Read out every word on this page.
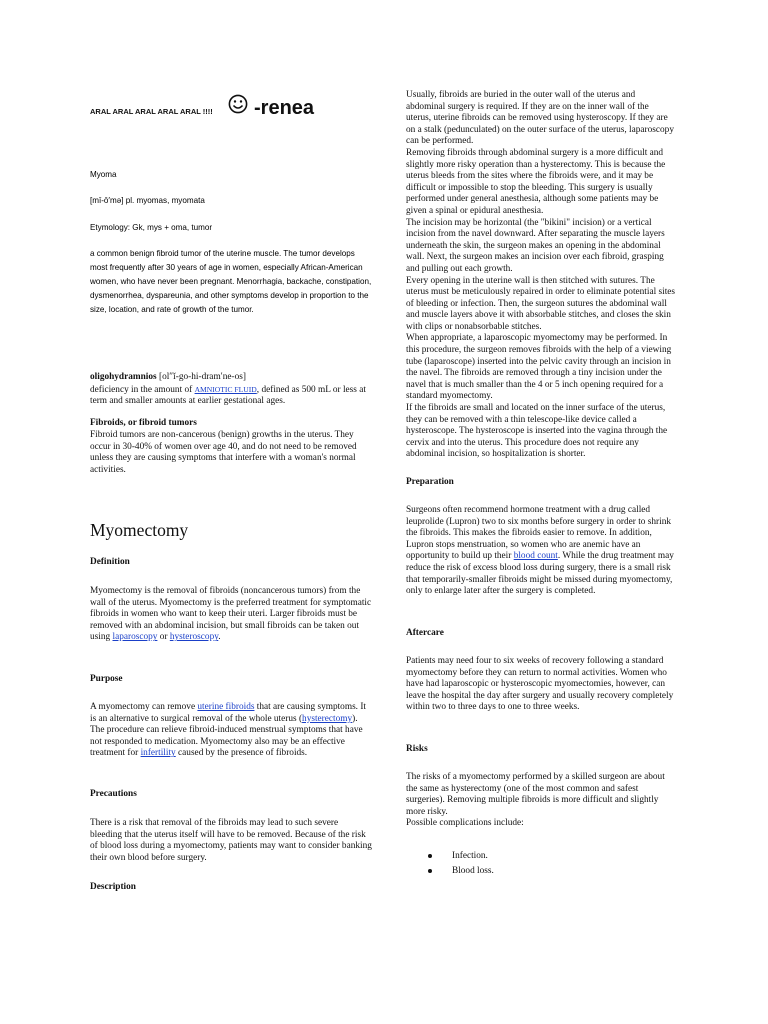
ARAL ARAL ARAL ARAL ARAL !!!! -renea
Myoma
[mī-ō′mə] pl. myomas, myomata
Etymology: Gk, mys + oma, tumor
a common benign fibroid tumor of the uterine muscle. The tumor develops most frequently after 30 years of age in women, especially African-American women, who have never been pregnant. Menorrhagia, backache, constipation, dysmenorrhea, dyspareunia, and other symptoms develop in proportion to the size, location, and rate of growth of the tumor.

oligohydramnios [ol″ĭ-go-hi-dram′ne-os]
deficiency in the amount of AMNIOTIC FLUID, defined as 500 mL or less at term and smaller amounts at earlier gestational ages.

Fibroids, or fibroid tumors
Fibroid tumors are non-cancerous (benign) growths in the uterus. They occur in 30-40% of women over age 40, and do not need to be removed unless they are causing symptoms that interfere with a woman's normal activities.
Myomectomy
Definition

Myomectomy is the removal of fibroids (noncancerous tumors) from the wall of the uterus. Myomectomy is the preferred treatment for symptomatic fibroids in women who want to keep their uteri. Larger fibroids must be removed with an abdominal incision, but small fibroids can be taken out using laparoscopy or hysteroscopy.

Purpose

A myomectomy can remove uterine fibroids that are causing symptoms. It is an alternative to surgical removal of the whole uterus (hysterectomy). The procedure can relieve fibroid-induced menstrual symptoms that have not responded to medication. Myomectomy also may be an effective treatment for infertility caused by the presence of fibroids.

Precautions
There is a risk that removal of the fibroids may lead to such severe bleeding that the uterus itself will have to be removed. Because of the risk of blood loss during a myomectomy, patients may want to consider banking their own blood before surgery.
Description
Usually, fibroids are buried in the outer wall of the uterus and abdominal surgery is required. If they are on the inner wall of the uterus, uterine fibroids can be removed using hysteroscopy. If they are on a stalk (pedunculated) on the outer surface of the uterus, laparoscopy can be performed.
Removing fibroids through abdominal surgery is a more difficult and slightly more risky operation than a hysterectomy. This is because the uterus bleeds from the sites where the fibroids were, and it may be difficult or impossible to stop the bleeding. This surgery is usually performed under general anesthesia, although some patients may be given a spinal or epidural anesthesia.
The incision may be horizontal (the "bikini" incision) or a vertical incision from the navel downward. After separating the muscle layers underneath the skin, the surgeon makes an opening in the abdominal wall. Next, the surgeon makes an incision over each fibroid, grasping and pulling out each growth.
Every opening in the uterine wall is then stitched with sutures. The uterus must be meticulously repaired in order to eliminate potential sites of bleeding or infection. Then, the surgeon sutures the abdominal wall and muscle layers above it with absorbable stitches, and closes the skin with clips or nonabsorbable stitches.
When appropriate, a laparoscopic myomectomy may be performed. In this procedure, the surgeon removes fibroids with the help of a viewing tube (laparoscope) inserted into the pelvic cavity through an incision in the navel. The fibroids are removed through a tiny incision under the navel that is much smaller than the 4 or 5 inch opening required for a standard myomectomy.
If the fibroids are small and located on the inner surface of the uterus, they can be removed with a thin telescope-like device called a hysteroscope. The hysteroscope is inserted into the vagina through the cervix and into the uterus. This procedure does not require any abdominal incision, so hospitalization is shorter.
Preparation

Surgeons often recommend hormone treatment with a drug called leuprolide (Lupron) two to six months before surgery in order to shrink the fibroids. This makes the fibroids easier to remove. In addition, Lupron stops menstruation, so women who are anemic have an opportunity to build up their blood count. While the drug treatment may reduce the risk of excess blood loss during surgery, there is a small risk that temporarily-smaller fibroids might be missed during myomectomy, only to enlarge later after the surgery is completed.

Aftercare
Patients may need four to six weeks of recovery following a standard myomectomy before they can return to normal activities. Women who have had laparoscopic or hysteroscopic myomectomies, however, can leave the hospital the day after surgery and usually recovery completely within two to three days to one to three weeks.
Risks
The risks of a myomectomy performed by a skilled surgeon are about the same as hysterectomy (one of the most common and safest surgeries). Removing multiple fibroids is more difficult and slightly more risky.
Possible complications include:
Infection.
Blood loss.
